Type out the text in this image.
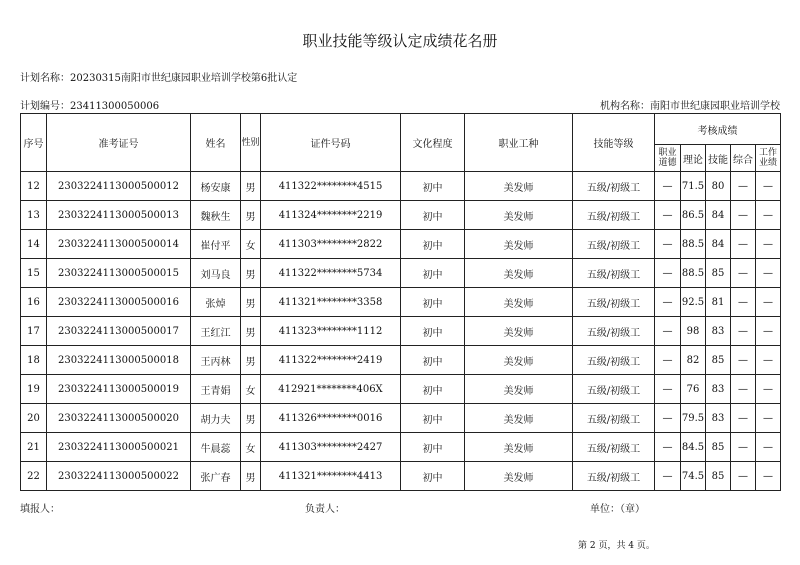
职业技能等级认定成绩花名册
计划名称：20230315南阳市世纪康园职业培训学校第6批认定
计划编号：23411300050006	机构名称：南阳市世纪康园职业培训学校
序号	准考证号	姓名	性别	证件号码	文化程度	职业工种	技能等级	考核成绩				
								职业道德	理论	技能	综合	工作业绩
12	2303224113000500012	杨安康	男	411322********4515	初中	美发师	五级/初级工	—	71.5	80	—	—
13	2303224113000500013	魏秋生	男	411324********2219	初中	美发师	五级/初级工	—	86.5	84	—	—
14	2303224113000500014	崔付平	女	411303********2822	初中	美发师	五级/初级工	—	88.5	84	—	—
15	2303224113000500015	刘马良	男	411322********5734	初中	美发师	五级/初级工	—	88.5	85	—	—
16	2303224113000500016	张焯	男	411321********3358	初中	美发师	五级/初级工	—	92.5	81	—	—
17	2303224113000500017	王红江	男	411323********1112	初中	美发师	五级/初级工	—	98	83	—	—
18	2303224113000500018	王丙林	男	411322********2419	初中	美发师	五级/初级工	—	82	85	—	—
19	2303224113000500019	王青娟	女	412921********406X	初中	美发师	五级/初级工	—	76	83	—	—
20	2303224113000500020	胡力夫	男	411326********0016	初中	美发师	五级/初级工	—	79.5	83	—	—
21	2303224113000500021	牛晨蕊	女	411303********2427	初中	美发师	五级/初级工	—	84.5	85	—	—
22	2303224113000500022	张广春	男	411321********4413	初中	美发师	五级/初级工	—	74.5	85	—	—
填报人：	负责人：	单位：（章）
第 2 页，共 4 页。
